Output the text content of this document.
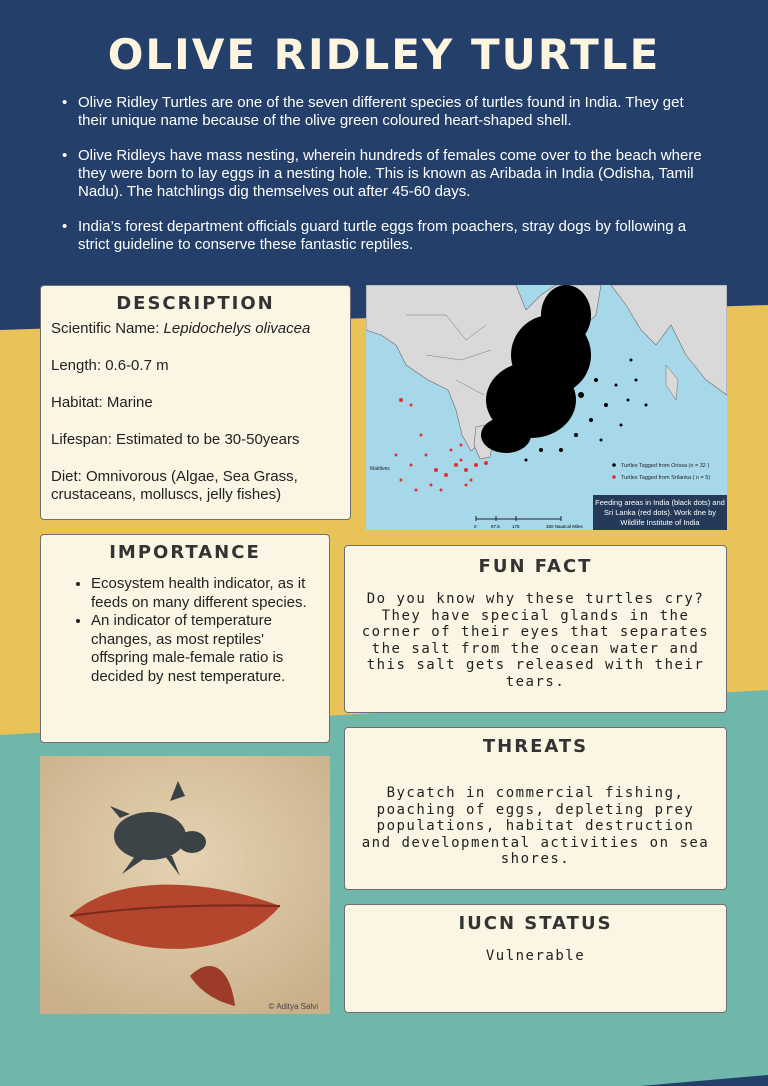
OLIVE RIDLEY TURTLE
• Olive Ridley Turtles are one of the seven different species of turtles found in India. They get their unique name because of the olive green coloured heart-shaped shell.
• Olive Ridleys have mass nesting, wherein hundreds of females come over to the beach where they were born to lay eggs in a nesting hole. This is known as Aribada in India (Odisha, Tamil Nadu). The hatchlings dig themselves out after 45-60 days.
• India’s forest department officials guard turtle eggs from poachers, stray dogs by following a strict guideline to conserve these fantastic reptiles.
DESCRIPTION

Scientific Name: Lepidochelys olivacea

Length: 0.6-0.7 m

Habitat: Marine

Lifespan: Estimated to be 30-50years

Diet: Omnivorous (Algae, Sea Grass, crustaceans, molluscs, jelly fishes)

Maldives	Turtles Tagged from Orissa (n = 32 )
Turtles Tagged from Srilanka ( n = 5)
0	87.5	175	350 Nautical Miles
Feeding areas in India (black dots) and Sri Lanka (red dots). Work dne by Wildlife Institute of India
IMPORTANCE
• Ecosystem health indicator, as it feeds on many different species.
• An indicator of temperature changes, as most reptiles' offspring male-female ratio is decided by nest temperature.
FUN FACT
Do you know why these turtles cry? They have special glands in the corner of their eyes that separates the salt from the ocean water and this salt gets released with their tears.
THREATS
Bycatch in commercial fishing, poaching of eggs, depleting prey populations, habitat destruction and developmental activities on sea shores.
IUCN STATUS
Vulnerable
© Aditya Salvi
